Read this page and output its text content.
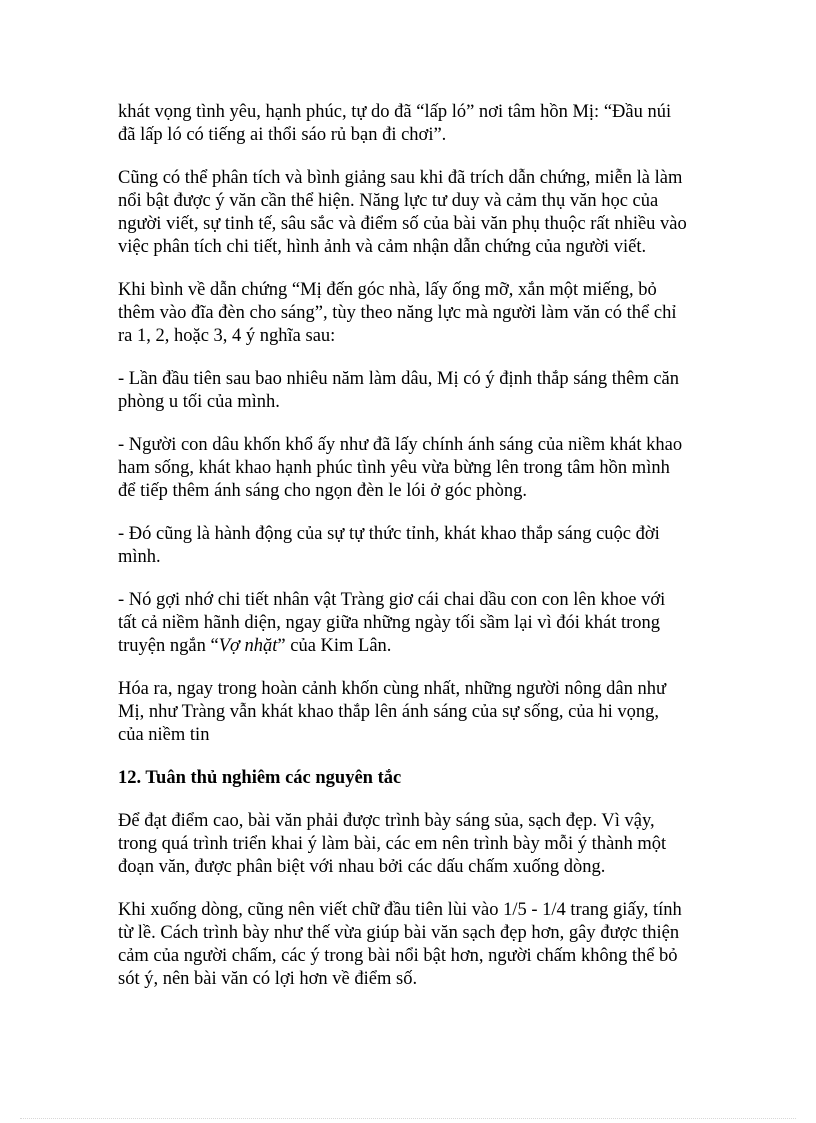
khát vọng tình yêu, hạnh phúc, tự do đã “lấp ló” nơi tâm hồn Mị: “Đầu núi
đã lấp ló có tiếng ai thổi sáo rủ bạn đi chơi”.

Cũng có thể phân tích và bình giảng sau khi đã trích dẫn chứng, miễn là làm
nổi bật được ý văn cần thể hiện. Năng lực tư duy và cảm thụ văn học của
người viết, sự tinh tế, sâu sắc và điểm số của bài văn phụ thuộc rất nhiều vào
việc phân tích chi tiết, hình ảnh và cảm nhận dẫn chứng của người viết.

Khi bình về dẫn chứng “Mị đến góc nhà, lấy ống mỡ, xắn một miếng, bỏ
thêm vào đĩa đèn cho sáng”, tùy theo năng lực mà người làm văn có thể chỉ
ra 1, 2, hoặc 3, 4 ý nghĩa sau:

- Lần đầu tiên sau bao nhiêu năm làm dâu, Mị có ý định thắp sáng thêm căn
phòng u tối của mình.

- Người con dâu khốn khổ ấy như đã lấy chính ánh sáng của niềm khát khao
ham sống, khát khao hạnh phúc tình yêu vừa bừng lên trong tâm hồn mình
để tiếp thêm ánh sáng cho ngọn đèn le lói ở góc phòng.

- Đó cũng là hành động của sự tự thức tỉnh, khát khao thắp sáng cuộc đời
mình.

- Nó gợi nhớ chi tiết nhân vật Tràng giơ cái chai dầu con con lên khoe với
tất cả niềm hãnh diện, ngay giữa những ngày tối sầm lại vì đói khát trong
truyện ngắn “Vợ nhặt” của Kim Lân.

Hóa ra, ngay trong hoàn cảnh khốn cùng nhất, những người nông dân như
Mị, như Tràng vẫn khát khao thắp lên ánh sáng của sự sống, của hi vọng,
của niềm tin

12. Tuân thủ nghiêm các nguyên tắc

Để đạt điểm cao, bài văn phải được trình bày sáng sủa, sạch đẹp. Vì vậy,
trong quá trình triển khai ý làm bài, các em nên trình bày mỗi ý thành một
đoạn văn, được phân biệt với nhau bởi các dấu chấm xuống dòng.

Khi xuống dòng, cũng nên viết chữ đầu tiên lùi vào 1/5 - 1/4 trang giấy, tính
từ lề. Cách trình bày như thế vừa giúp bài văn sạch đẹp hơn, gây được thiện
cảm của người chấm, các ý trong bài nổi bật hơn, người chấm không thể bỏ
sót ý, nên bài văn có lợi hơn về điểm số.
